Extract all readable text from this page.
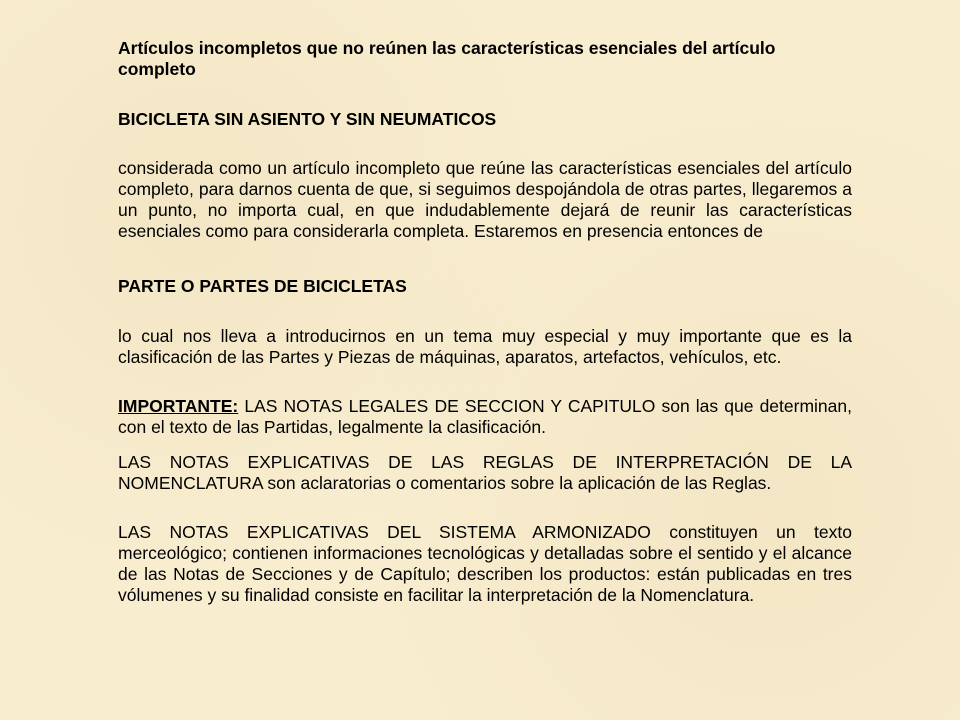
Artículos incompletos que no reúnen las características esenciales del artículo completo

BICICLETA SIN ASIENTO Y SIN NEUMATICOS

considerada como un artículo incompleto que reúne las características esenciales del artículo completo, para darnos cuenta de que, si seguimos despojándola de otras partes, llegaremos a un punto, no importa cual, en que indudablemente dejará de reunir las características esenciales como para considerarla completa. Estaremos en presencia entonces de

PARTE O PARTES DE BICICLETAS

lo cual nos lleva a introducirnos en un tema muy especial y muy importante que es la clasificación de las Partes y Piezas de máquinas, aparatos, artefactos, vehículos, etc.

IMPORTANTE: LAS NOTAS LEGALES DE SECCION Y CAPITULO son las que determinan, con el texto de las Partidas, legalmente la clasificación.

LAS NOTAS EXPLICATIVAS DE LAS REGLAS DE INTERPRETACIÓN DE LA NOMENCLATURA son aclaratorias o comentarios sobre la aplicación de las Reglas.

LAS NOTAS EXPLICATIVAS DEL SISTEMA ARMONIZADO constituyen un texto merceológico; contienen informaciones tecnológicas y detalladas sobre el sentido y el alcance de las Notas de Secciones y de Capítulo; describen los productos: están publicadas en tres vólumenes y su finalidad consiste en facilitar la interpretación de la Nomenclatura.
